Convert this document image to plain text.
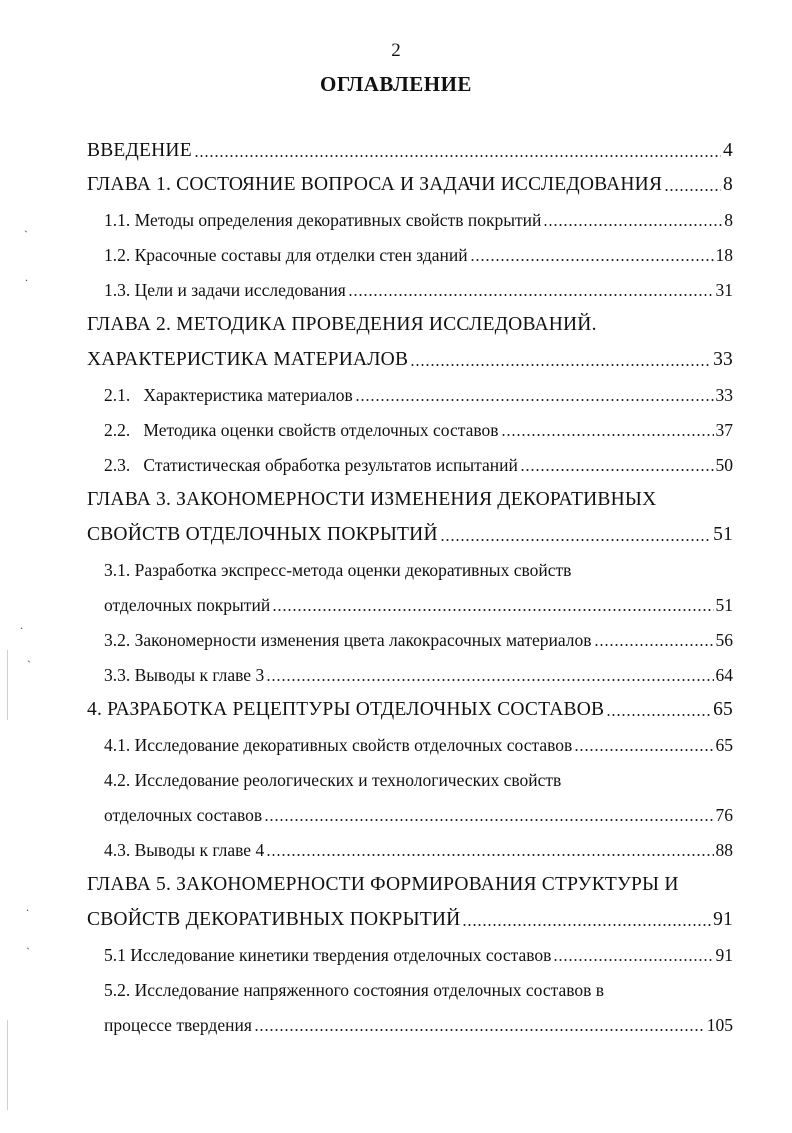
2
ОГЛАВЛЕНИЕ
`
.
.
`
.
`
ВВЕДЕНИЕ	4
ГЛАВА 1. СОСТОЯНИЕ ВОПРОСА И ЗАДАЧИ ИССЛЕДОВАНИЯ	8
1.1. Методы определения декоративных свойств покрытий	8
1.2. Красочные составы для отделки стен зданий	18
1.3. Цели и задачи исследования	31
ГЛАВА 2. МЕТОДИКА ПРОВЕДЕНИЯ ИССЛЕДОВАНИЙ.
ХАРАКТЕРИСТИКА МАТЕРИАЛОВ	33
2.1.   Характеристика материалов	33
2.2.   Методика оценки свойств отделочных составов	37
2.3.   Статистическая обработка результатов испытаний	50
ГЛАВА 3. ЗАКОНОМЕРНОСТИ ИЗМЕНЕНИЯ ДЕКОРАТИВНЫХ
СВОЙСТВ ОТДЕЛОЧНЫХ ПОКРЫТИЙ	51
3.1. Разработка экспресс-метода оценки декоративных свойств
отделочных покрытий	51
3.2. Закономерности изменения цвета лакокрасочных материалов	56
3.3. Выводы к главе 3	64
4. РАЗРАБОТКА РЕЦЕПТУРЫ ОТДЕЛОЧНЫХ СОСТАВОВ	65
4.1. Исследование декоративных свойств отделочных составов	65
4.2. Исследование реологических и технологических свойств
отделочных составов	76
4.3. Выводы к главе 4	88
ГЛАВА 5. ЗАКОНОМЕРНОСТИ ФОРМИРОВАНИЯ СТРУКТУРЫ И
СВОЙСТВ ДЕКОРАТИВНЫХ ПОКРЫТИЙ	91
5.1 Исследование кинетики твердения отделочных составов	91
5.2. Исследование напряженного состояния отделочных составов в
процессе твердения	105
